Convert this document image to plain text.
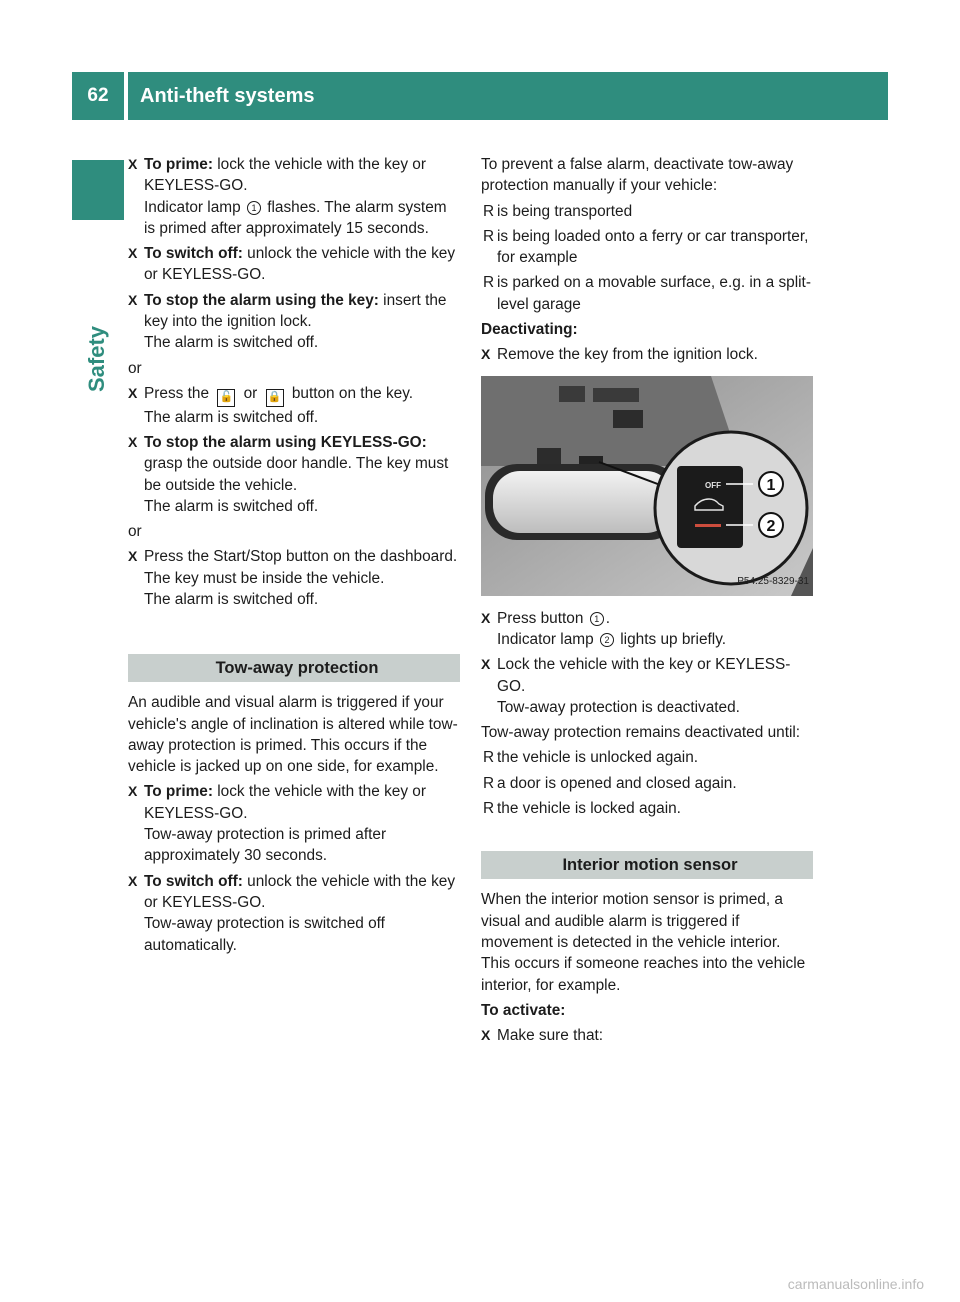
62	Anti-theft systems
Safety
X To prime: lock the vehicle with the key or KEYLESS-GO.
Indicator lamp 1 flashes. The alarm system is primed after approximately 15 seconds.
X To switch off: unlock the vehicle with the key or KEYLESS-GO.
X To stop the alarm using the key: insert the key into the ignition lock.
The alarm is switched off.
or
X Press the 🔓 or 🔒 button on the key.
The alarm is switched off.
X To stop the alarm using KEYLESS-GO: grasp the outside door handle. The key must be outside the vehicle.
The alarm is switched off.
or
X Press the Start/Stop button on the dashboard. The key must be inside the vehicle.
The alarm is switched off.
Tow-away protection
An audible and visual alarm is triggered if your vehicle's angle of inclination is altered while tow-away protection is primed. This occurs if the vehicle is jacked up on one side, for example.
X To prime: lock the vehicle with the key or KEYLESS-GO.
Tow-away protection is primed after approximately 30 seconds.
X To switch off: unlock the vehicle with the key or KEYLESS-GO.
Tow-away protection is switched off automatically.
To prevent a false alarm, deactivate tow-away protection manually if your vehicle:
R is being transported
R is being loaded onto a ferry or car transporter, for example
R is parked on a movable surface, e.g. in a split-level garage
Deactivating:
X Remove the key from the ignition lock.
OFF	1
2
P54.25-8329-31
X Press button 1 .
Indicator lamp 2 lights up briefly.
X Lock the vehicle with the key or KEYLESS-GO.
Tow-away protection is deactivated.
Tow-away protection remains deactivated until:
R the vehicle is unlocked again.
R a door is opened and closed again.
R the vehicle is locked again.
Interior motion sensor
When the interior motion sensor is primed, a visual and audible alarm is triggered if movement is detected in the vehicle interior. This occurs if someone reaches into the vehicle interior, for example.
To activate:
X Make sure that:
carmanualsonline.info
